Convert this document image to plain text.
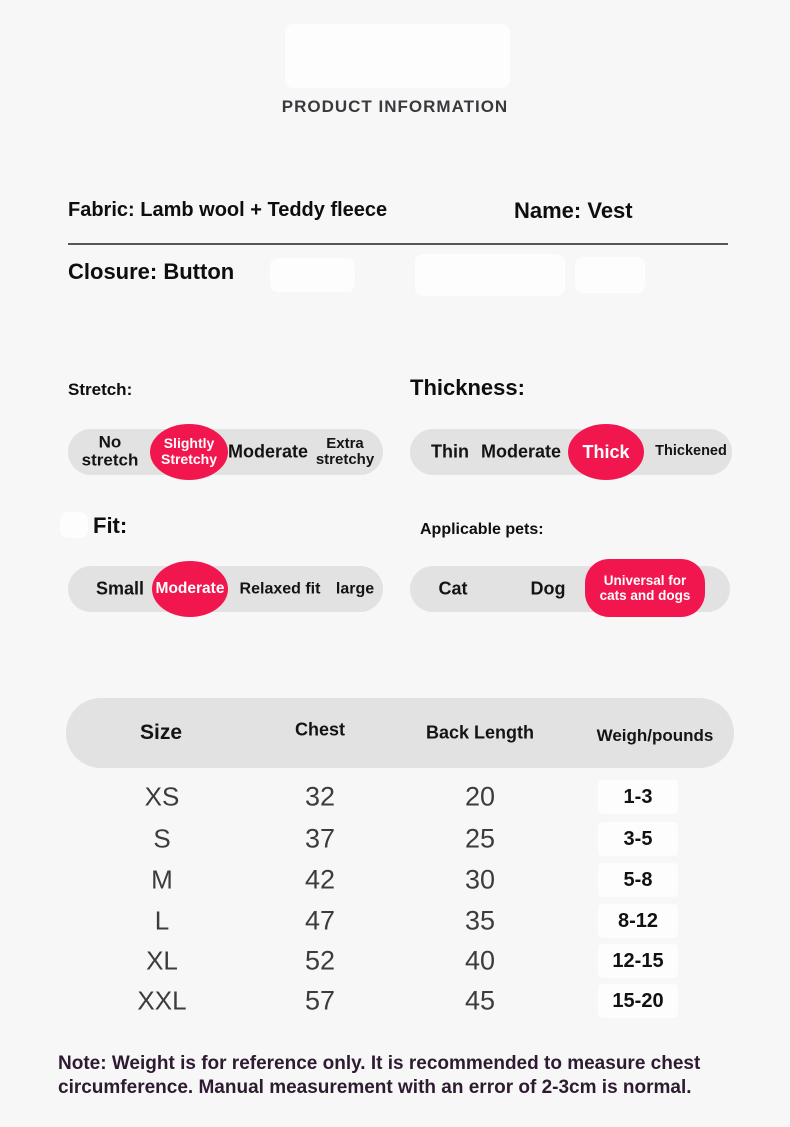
PRODUCT INFORMATION
Fabric: Lamb wool + Teddy fleece	Name: Vest
Closure: Button
Stretch:
No stretch
Slightly Stretchy Moderate	Extra stretchy
Thickness:
Thin Moderate Thick Thickened
Fit:
Small Moderate Relaxed fit large
Applicable pets:
Cat	Dog	Universal for cats and dogs
Size	Chest	Back Length	Weigh/pounds
XS	32	20	1-3
S	37	25	3-5
M	42	30	5-8
L	47	35	8-12
XL	52	40	12-15
XXL	57	45	15-20
Note: Weight is for reference only. It is recommended to measure chest circumference. Manual measurement with an error of 2-3cm is normal.
